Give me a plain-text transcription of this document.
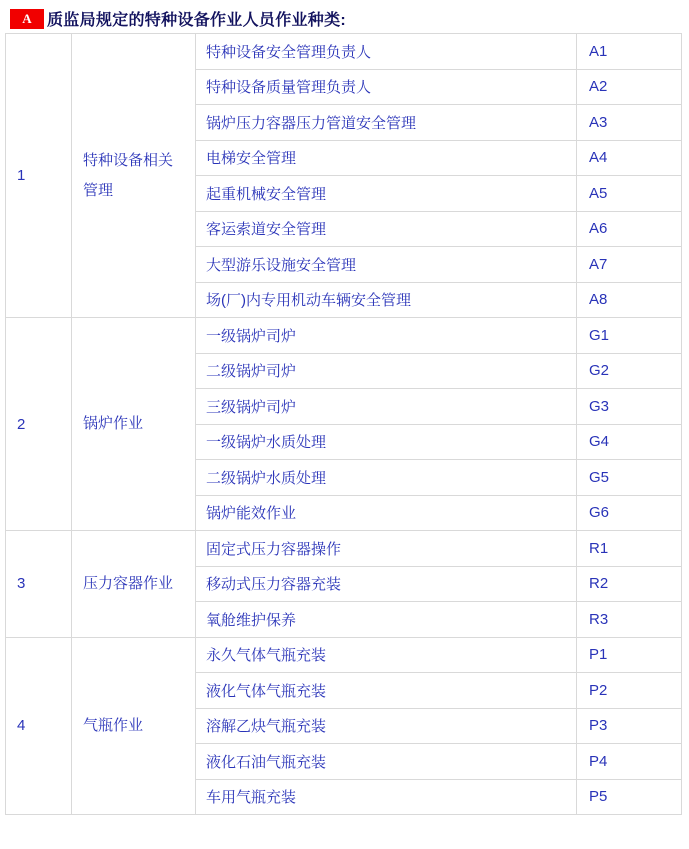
A 质监局规定的特种设备作业人员作业种类:
1	特种设备相关管理	特种设备安全管理负责人	A1
		特种设备质量管理负责人	A2
		锅炉压力容器压力管道安全管理	A3
		电梯安全管理	A4
		起重机械安全管理	A5
		客运索道安全管理	A6
		大型游乐设施安全管理	A7
		场(厂)内专用机动车辆安全管理	A8
2	锅炉作业	一级锅炉司炉	G1
		二级锅炉司炉	G2
		三级锅炉司炉	G3
		一级锅炉水质处理	G4
		二级锅炉水质处理	G5
		锅炉能效作业	G6
3	压力容器作业	固定式压力容器操作	R1
		移动式压力容器充装	R2
		氧舱维护保养	R3
4	气瓶作业	永久气体气瓶充装	P1
		液化气体气瓶充装	P2
		溶解乙炔气瓶充装	P3
		液化石油气瓶充装	P4
		车用气瓶充装	P5
